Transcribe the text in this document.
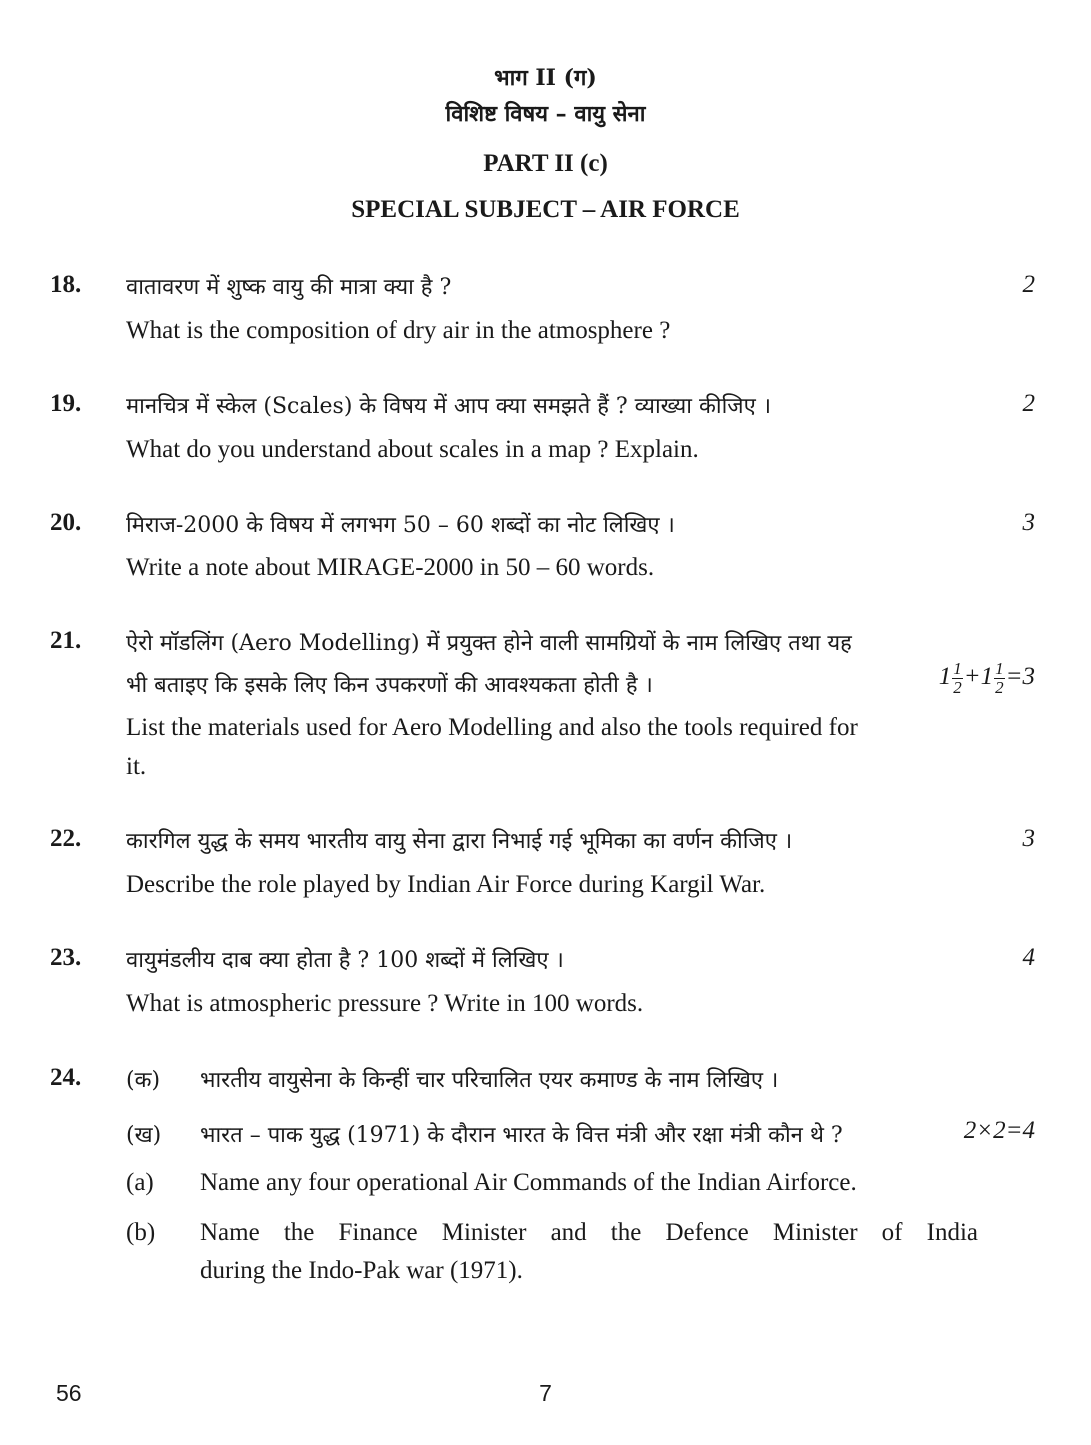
भाग II (ग)
विशिष्ट विषय – वायु सेना
PART II (c)
SPECIAL SUBJECT – AIR FORCE
18. वातावरण में शुष्क वायु की मात्रा क्या है ?	2
What is the composition of dry air in the atmosphere ?
19. मानचित्र में स्केल (Scales) के विषय में आप क्या समझते हैं ? व्याख्या कीजिए ।	2
What do you understand about scales in a map ? Explain.
20. मिराज-2000 के विषय में लगभग 50 – 60 शब्दों का नोट लिखिए ।	3
Write a note about MIRAGE-2000 in 50 – 60 words.
21. ऐरो मॉडलिंग (Aero Modelling) में प्रयुक्त होने वाली सामग्रियों के नाम लिखिए तथा यह
भी बताइए कि इसके लिए किन उपकरणों की आवश्यकता होती है ।	$1 \frac{1}{2} +1 \frac{1}{2} =3$
List the materials used for Aero Modelling and also the tools required for
it.
22. कारगिल युद्ध के समय भारतीय वायु सेना द्वारा निभाई गई भूमिका का वर्णन कीजिए ।	3
Describe the role played by Indian Air Force during Kargil War.
23. वायुमंडलीय दाब क्या होता है ? 100 शब्दों में लिखिए ।	4
What is atmospheric pressure ? Write in 100 words.
24. (क) भारतीय वायुसेना के किन्हीं चार परिचालित एयर कमाण्ड के नाम लिखिए ।
(ख) भारत – पाक युद्ध (1971) के दौरान भारत के वित्त मंत्री और रक्षा मंत्री कौन थे ?	2×2=4
(a) Name any four operational Air Commands of the Indian Airforce.
(b) Name the Finance Minister and the Defence Minister of India
during the Indo-Pak war (1971).
56	7
